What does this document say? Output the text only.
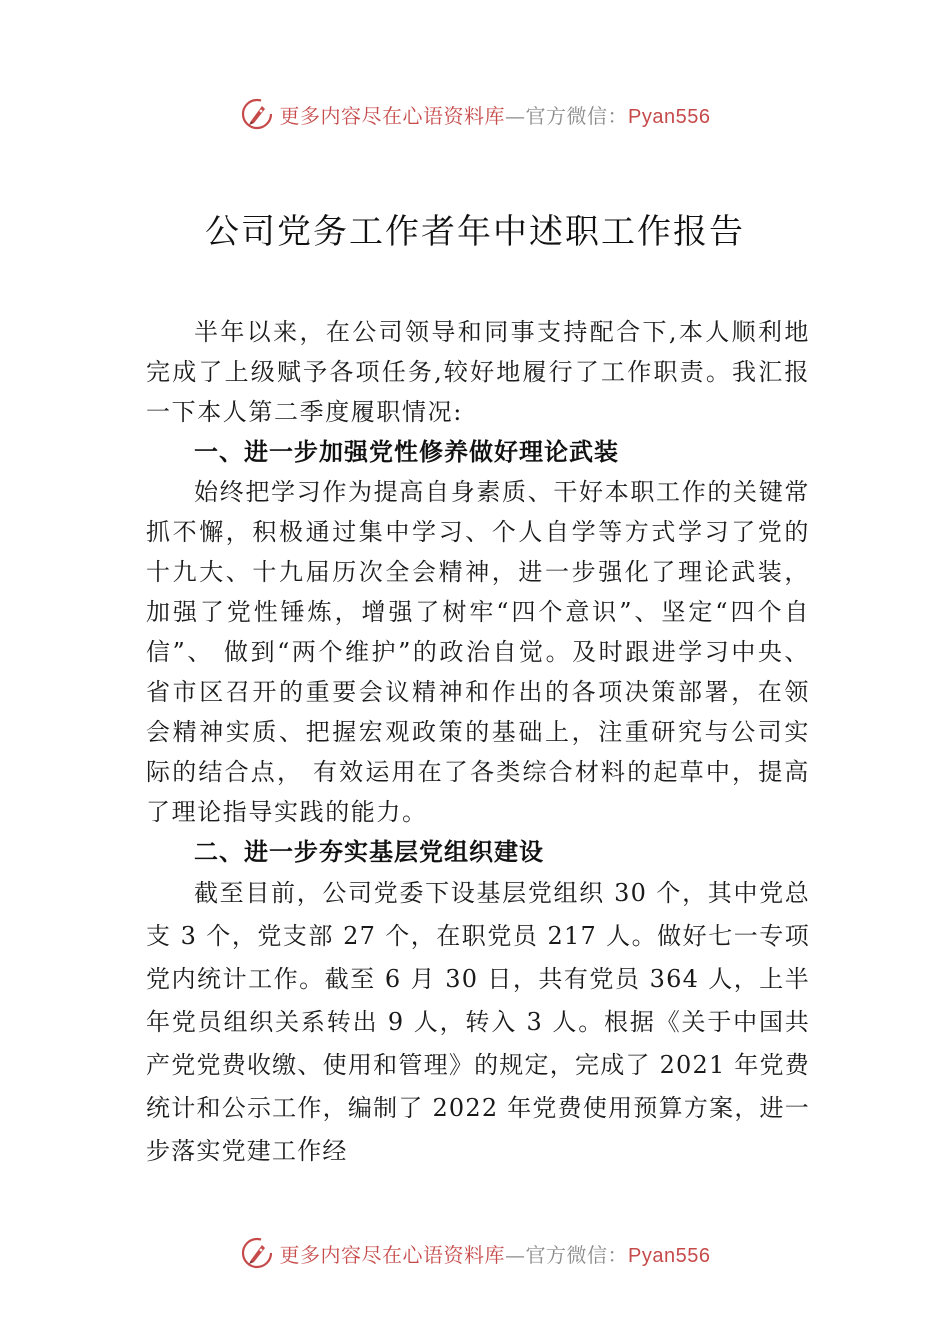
更多内容尽在心语资料库—官方微信：Pyan556
公司党务工作者年中述职工作报告

半年以来，在公司领导和同事支持配合下,本人顺利地完成了上级赋予各项任务,较好地履行了工作职责。我汇报一下本人第二季度履职情况:

一、进一步加强党性修养做好理论武装

始终把学习作为提高自身素质、干好本职工作的关键常抓不懈，积极通过集中学习、个人自学等方式学习了党的十九大、十九届历次全会精神，进一步强化了理论武装，加强了党性锤炼，增强了树牢“四个意识”、坚定“四个自信”、 做到“两个维护”的政治自觉。及时跟进学习中央、省市区召开的重要会议精神和作出的各项决策部署，在领会精神实质、把握宏观政策的基础上，注重研究与公司实际的结合点， 有效运用在了各类综合材料的起草中，提高了理论指导实践的能力。

二、进一步夯实基层党组织建设

截至目前，公司党委下设基层党组织 30 个，其中党总支 3 个，党支部 27 个，在职党员 217 人。做好七一专项党内统计工作。截至 6 月 30 日，共有党员 364 人，上半年党员组织关系转出 9 人，转入 3 人。根据《关于中国共产党党费收缴、使用和管理》的规定，完成了 2021 年党费统计和公示工作，编制了 2022 年党费使用预算方案，进一步落实党建工作经

更多内容尽在心语资料库—官方微信：Pyan556
